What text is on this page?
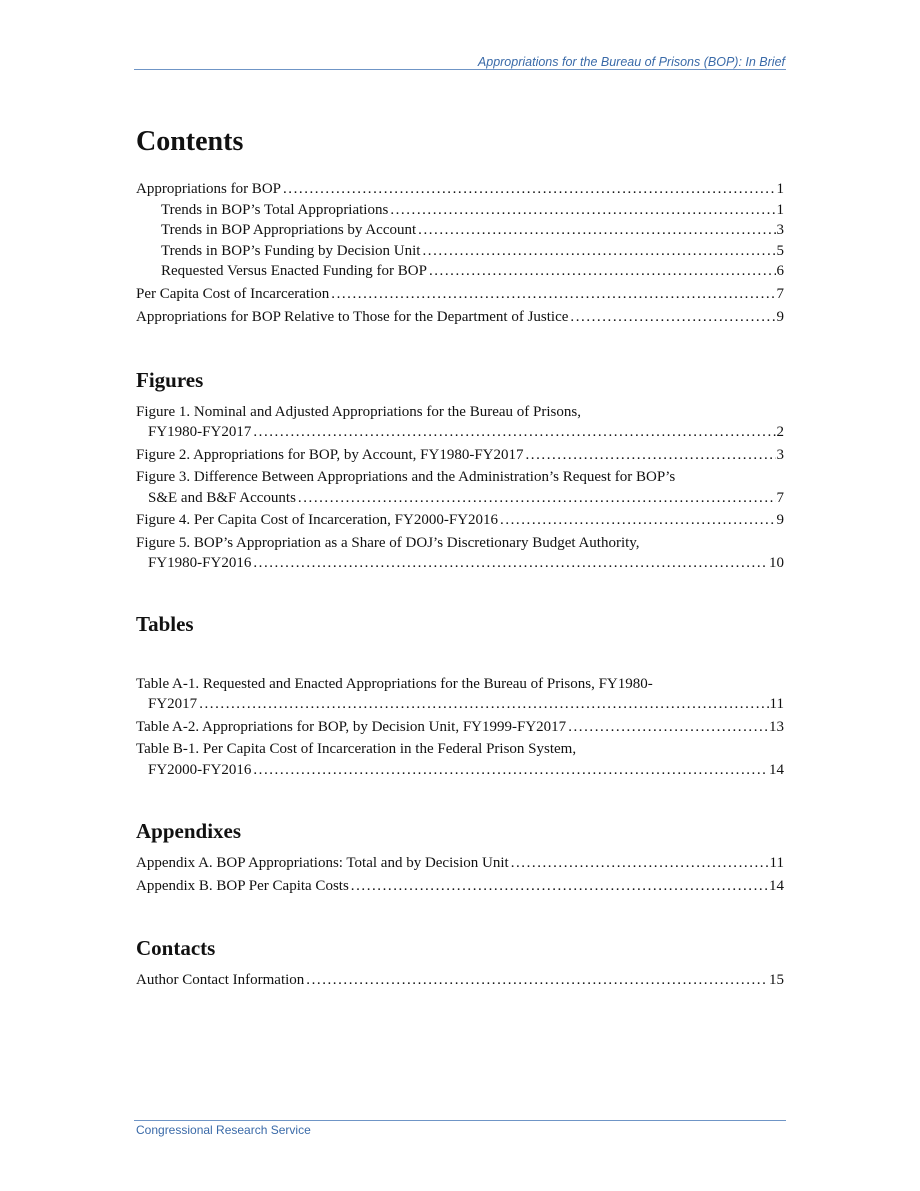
Appropriations for the Bureau of Prisons (BOP): In Brief
Contents
Appropriations for BOP . . .	1
Trends in BOP’s Total Appropriations . . .	1
Trends in BOP Appropriations by Account . . .	3
Trends in BOP’s Funding by Decision Unit . . .	5
Requested Versus Enacted Funding for BOP . . .	6
Per Capita Cost of Incarceration . . .	7
Appropriations for BOP Relative to Those for the Department of Justice . . .	9
Figures
Figure 1. Nominal and Adjusted Appropriations for the Bureau of Prisons,
FY1980-FY2017 . . .	2
Figure 2. Appropriations for BOP, by Account, FY1980-FY2017 . . .	3
Figure 3. Difference Between Appropriations and the Administration’s Request for BOP’s
S&E and B&F Accounts . . .	7
Figure 4. Per Capita Cost of Incarceration, FY2000-FY2016 . . .	9
Figure 5. BOP’s Appropriation as a Share of DOJ’s Discretionary Budget Authority,
FY1980-FY2016 . . .	10
Tables
Table A-1. Requested and Enacted Appropriations for the Bureau of Prisons, FY1980-
FY2017 . . .	11
Table A-2. Appropriations for BOP, by Decision Unit, FY1999-FY2017 . . .	13
Table B-1. Per Capita Cost of Incarceration in the Federal Prison System,
FY2000-FY2016 . . .	14
Appendixes
Appendix A. BOP Appropriations: Total and by Decision Unit . . .	11
Appendix B. BOP Per Capita Costs . . .	14
Contacts
Author Contact Information . . .	15
Congressional Research Service
